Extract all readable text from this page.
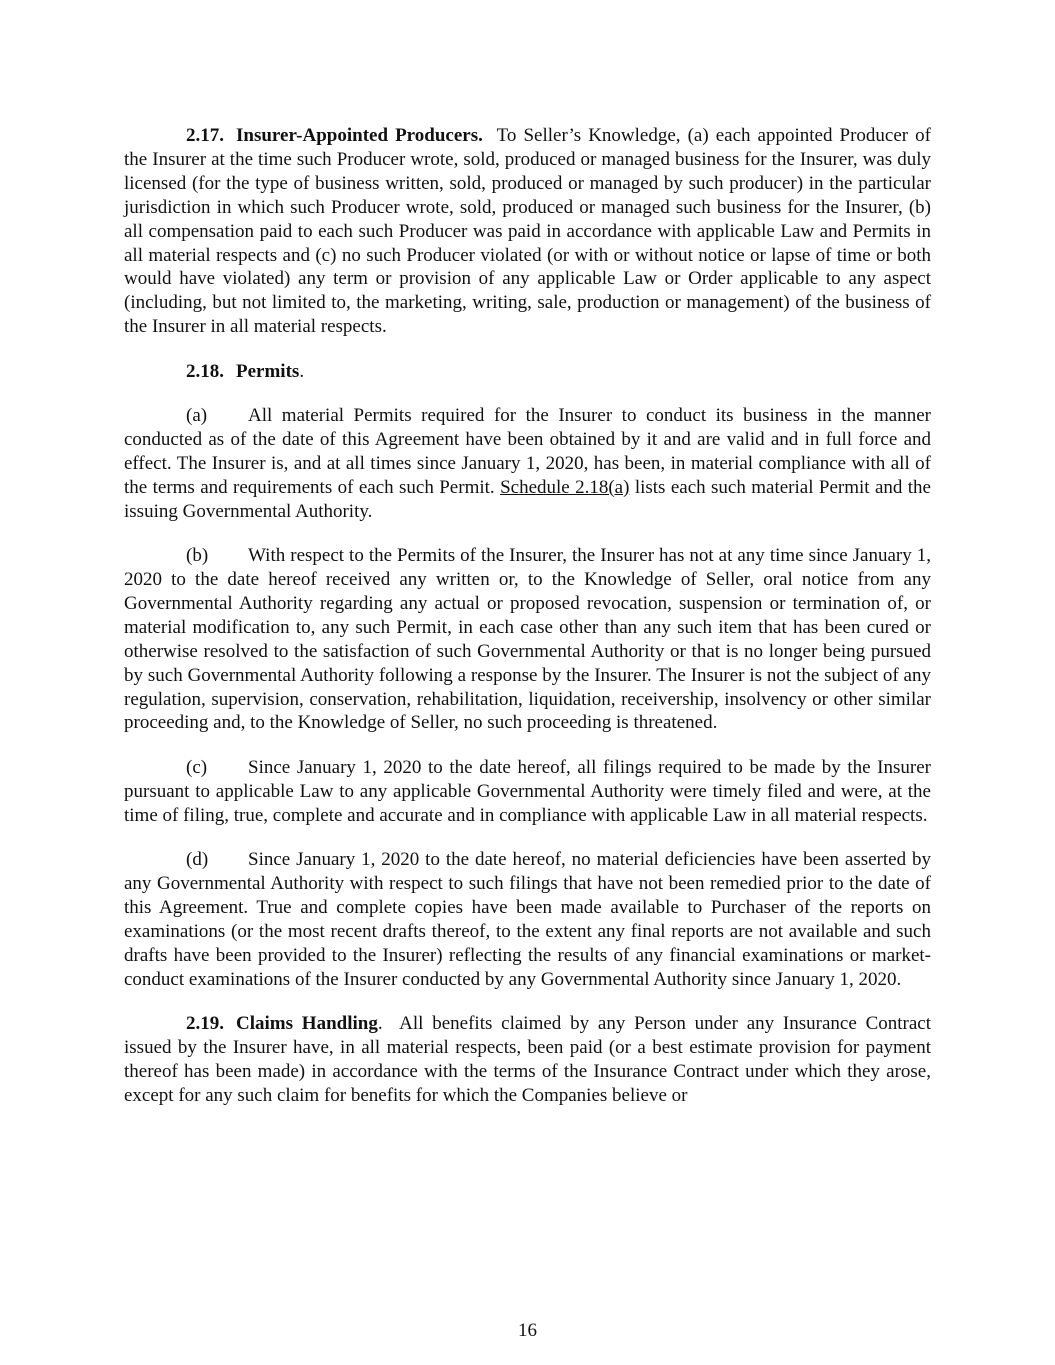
2.17. Insurer-Appointed Producers. To Seller’s Knowledge, (a) each appointed Producer of the Insurer at the time such Producer wrote, sold, produced or managed business for the Insurer, was duly licensed (for the type of business written, sold, produced or managed by such producer) in the particular jurisdiction in which such Producer wrote, sold, produced or managed such business for the Insurer, (b) all compensation paid to each such Producer was paid in accordance with applicable Law and Permits in all material respects and (c) no such Producer violated (or with or without notice or lapse of time or both would have violated) any term or provision of any applicable Law or Order applicable to any aspect (including, but not limited to, the marketing, writing, sale, production or management) of the business of the Insurer in all material respects.

2.18. Permits.

(a) All material Permits required for the Insurer to conduct its business in the manner conducted as of the date of this Agreement have been obtained by it and are valid and in full force and effect. The Insurer is, and at all times since January 1, 2020, has been, in material compliance with all of the terms and requirements of each such Permit. Schedule 2.18(a) lists each such material Permit and the issuing Governmental Authority.

(b) With respect to the Permits of the Insurer, the Insurer has not at any time since January 1, 2020 to the date hereof received any written or, to the Knowledge of Seller, oral notice from any Governmental Authority regarding any actual or proposed revocation, suspension or termination of, or material modification to, any such Permit, in each case other than any such item that has been cured or otherwise resolved to the satisfaction of such Governmental Authority or that is no longer being pursued by such Governmental Authority following a response by the Insurer. The Insurer is not the subject of any regulation, supervision, conservation, rehabilitation, liquidation, receivership, insolvency or other similar proceeding and, to the Knowledge of Seller, no such proceeding is threatened.

(c) Since January 1, 2020 to the date hereof, all filings required to be made by the Insurer pursuant to applicable Law to any applicable Governmental Authority were timely filed and were, at the time of filing, true, complete and accurate and in compliance with applicable Law in all material respects.

(d) Since January 1, 2020 to the date hereof, no material deficiencies have been asserted by any Governmental Authority with respect to such filings that have not been remedied prior to the date of this Agreement. True and complete copies have been made available to Purchaser of the reports on examinations (or the most recent drafts thereof, to the extent any final reports are not available and such drafts have been provided to the Insurer) reflecting the results of any financial examinations or market-conduct examinations of the Insurer conducted by any Governmental Authority since January 1, 2020.

2.19. Claims Handling. All benefits claimed by any Person under any Insurance Contract issued by the Insurer have, in all material respects, been paid (or a best estimate provision for payment thereof has been made) in accordance with the terms of the Insurance Contract under which they arose, except for any such claim for benefits for which the Companies believe or

16
